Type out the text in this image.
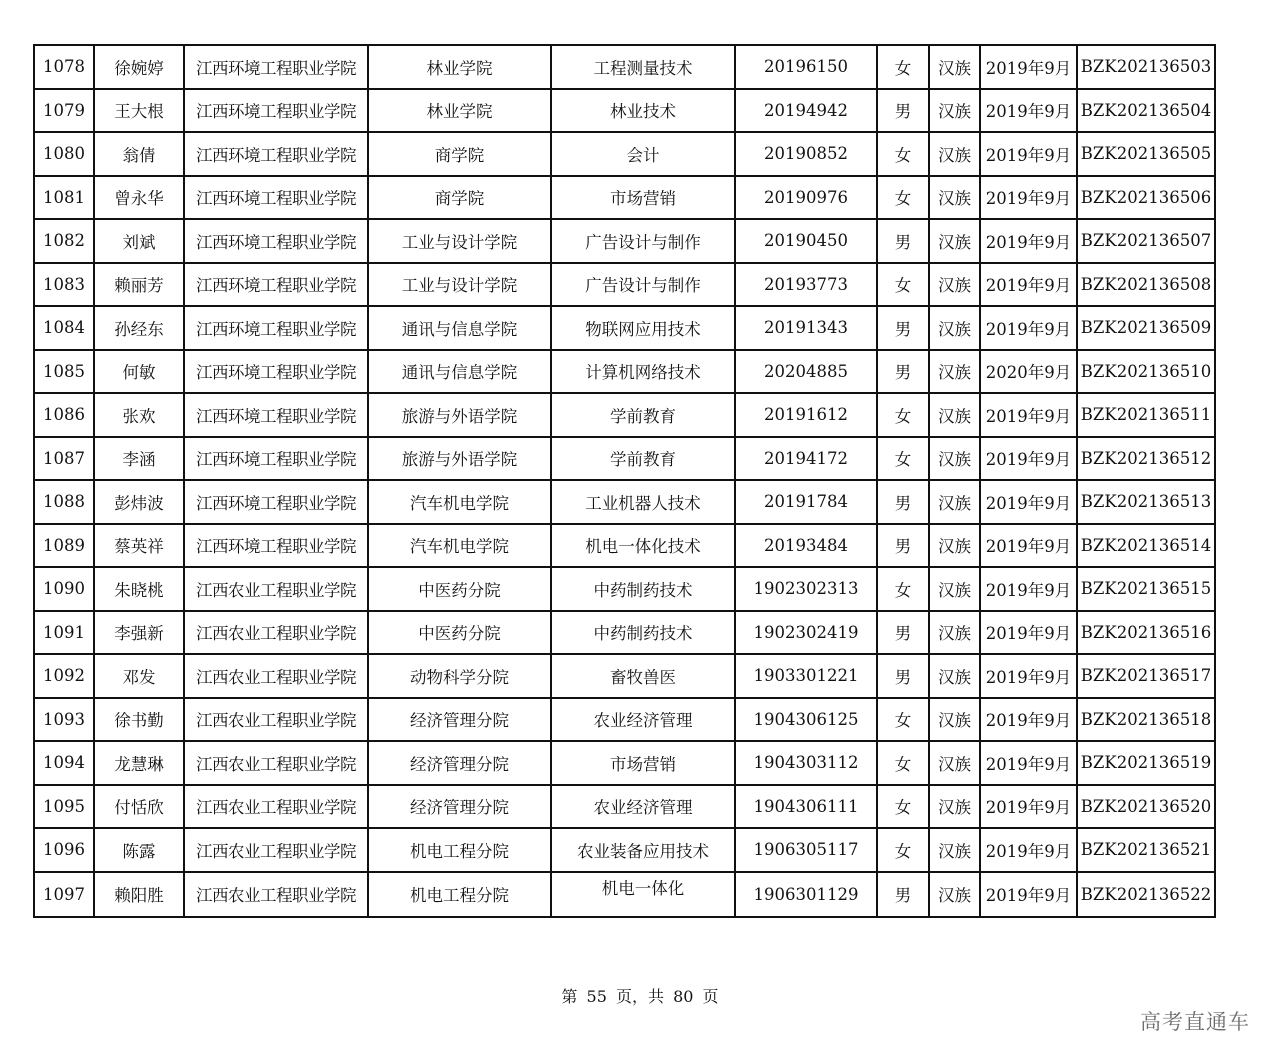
1078	徐婉婷	江西环境工程职业学院	林业学院	工程测量技术	20196150	女	汉族	2019年9月	BZK202136503
1079	王大根	江西环境工程职业学院	林业学院	林业技术	20194942	男	汉族	2019年9月	BZK202136504
1080	翁倩	江西环境工程职业学院	商学院	会计	20190852	女	汉族	2019年9月	BZK202136505
1081	曾永华	江西环境工程职业学院	商学院	市场营销	20190976	女	汉族	2019年9月	BZK202136506
1082	刘斌	江西环境工程职业学院	工业与设计学院	广告设计与制作	20190450	男	汉族	2019年9月	BZK202136507
1083	赖丽芳	江西环境工程职业学院	工业与设计学院	广告设计与制作	20193773	女	汉族	2019年9月	BZK202136508
1084	孙经东	江西环境工程职业学院	通讯与信息学院	物联网应用技术	20191343	男	汉族	2019年9月	BZK202136509
1085	何敏	江西环境工程职业学院	通讯与信息学院	计算机网络技术	20204885	男	汉族	2020年9月	BZK202136510
1086	张欢	江西环境工程职业学院	旅游与外语学院	学前教育	20191612	女	汉族	2019年9月	BZK202136511
1087	李涵	江西环境工程职业学院	旅游与外语学院	学前教育	20194172	女	汉族	2019年9月	BZK202136512
1088	彭炜波	江西环境工程职业学院	汽车机电学院	工业机器人技术	20191784	男	汉族	2019年9月	BZK202136513
1089	蔡英祥	江西环境工程职业学院	汽车机电学院	机电一体化技术	20193484	男	汉族	2019年9月	BZK202136514
1090	朱晓桃	江西农业工程职业学院	中医药分院	中药制药技术	1902302313	女	汉族	2019年9月	BZK202136515
1091	李强新	江西农业工程职业学院	中医药分院	中药制药技术	1902302419	男	汉族	2019年9月	BZK202136516
1092	邓发	江西农业工程职业学院	动物科学分院	畜牧兽医	1903301221	男	汉族	2019年9月	BZK202136517
1093	徐书勤	江西农业工程职业学院	经济管理分院	农业经济管理	1904306125	女	汉族	2019年9月	BZK202136518
1094	龙慧琳	江西农业工程职业学院	经济管理分院	市场营销	1904303112	女	汉族	2019年9月	BZK202136519
1095	付恬欣	江西农业工程职业学院	经济管理分院	农业经济管理	1904306111	女	汉族	2019年9月	BZK202136520
1096	陈露	江西农业工程职业学院	机电工程分院	农业装备应用技术	1906305117	女	汉族	2019年9月	BZK202136521
1097	赖阳胜	江西农业工程职业学院	机电工程分院	机电一体化	1906301129	男	汉族	2019年9月	BZK202136522
第 55 页，共 80 页
高考直通车
